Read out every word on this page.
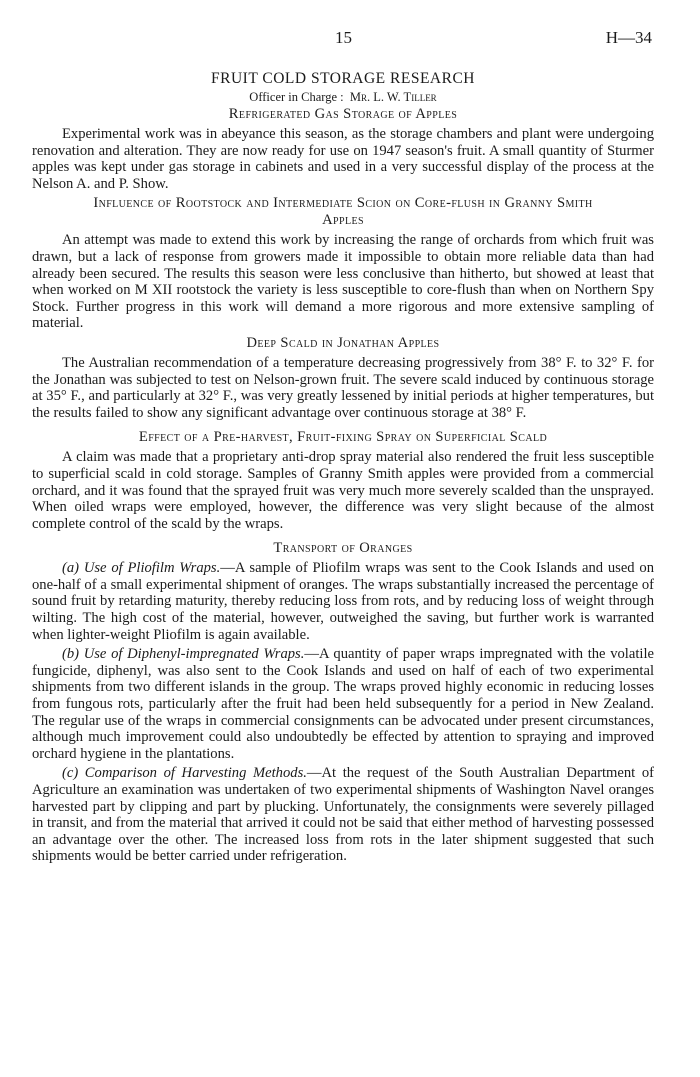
15	H—34
FRUIT COLD STORAGE RESEARCH
Officer in Charge : Mr. L. W. Tiller
Refrigerated Gas Storage of Apples

Experimental work was in abeyance this season, as the storage chambers and plant were undergoing renovation and alteration. They are now ready for use on 1947 season's fruit. A small quantity of Sturmer apples was kept under gas storage in cabinets and used in a very successful display of the process at the Nelson A. and P. Show.

Influence of Rootstock and Intermediate Scion on Core-flush in Granny Smith Apples

An attempt was made to extend this work by increasing the range of orchards from which fruit was drawn, but a lack of response from growers made it impossible to obtain more reliable data than had already been secured. The results this season were less conclusive than hitherto, but showed at least that when worked on M XII rootstock the variety is less susceptible to core-flush than when on Northern Spy Stock. Further progress in this work will demand a more rigorous and more extensive sampling of material.

Deep Scald in Jonathan Apples

The Australian recommendation of a temperature decreasing progressively from 38° F. to 32° F. for the Jonathan was subjected to test on Nelson-grown fruit. The severe scald induced by continuous storage at 35° F., and particularly at 32° F., was very greatly lessened by initial periods at higher temperatures, but the results failed to show any significant advantage over continuous storage at 38° F.

Effect of a Pre-harvest, Fruit-fixing Spray on Superficial Scald

A claim was made that a proprietary anti-drop spray material also rendered the fruit less susceptible to superficial scald in cold storage. Samples of Granny Smith apples were provided from a commercial orchard, and it was found that the sprayed fruit was very much more severely scalded than the unsprayed. When oiled wraps were employed, however, the difference was very slight because of the almost complete control of the scald by the wraps.

Transport of Oranges

(a) Use of Pliofilm Wraps.—A sample of Pliofilm wraps was sent to the Cook Islands and used on one-half of a small experimental shipment of oranges. The wraps substantially increased the percentage of sound fruit by retarding maturity, thereby reducing loss from rots, and by reducing loss of weight through wilting. The high cost of the material, however, outweighed the saving, but further work is warranted when lighter-weight Pliofilm is again available.

(b) Use of Diphenyl-impregnated Wraps.—A quantity of paper wraps impregnated with the volatile fungicide, diphenyl, was also sent to the Cook Islands and used on half of each of two experimental shipments from two different islands in the group. The wraps proved highly economic in reducing losses from fungous rots, particularly after the fruit had been held subsequently for a period in New Zealand. The regular use of the wraps in commercial consignments can be advocated under present circumstances, although much improvement could also undoubtedly be effected by attention to spraying and improved orchard hygiene in the plantations.

(c) Comparison of Harvesting Methods.—At the request of the South Australian Department of Agriculture an examination was undertaken of two experimental shipments of Washington Navel oranges harvested part by clipping and part by plucking. Unfortunately, the consignments were severely pillaged in transit, and from the material that arrived it could not be said that either method of harvesting possessed an advantage over the other. The increased loss from rots in the later shipment suggested that such shipments would be better carried under refrigeration.
